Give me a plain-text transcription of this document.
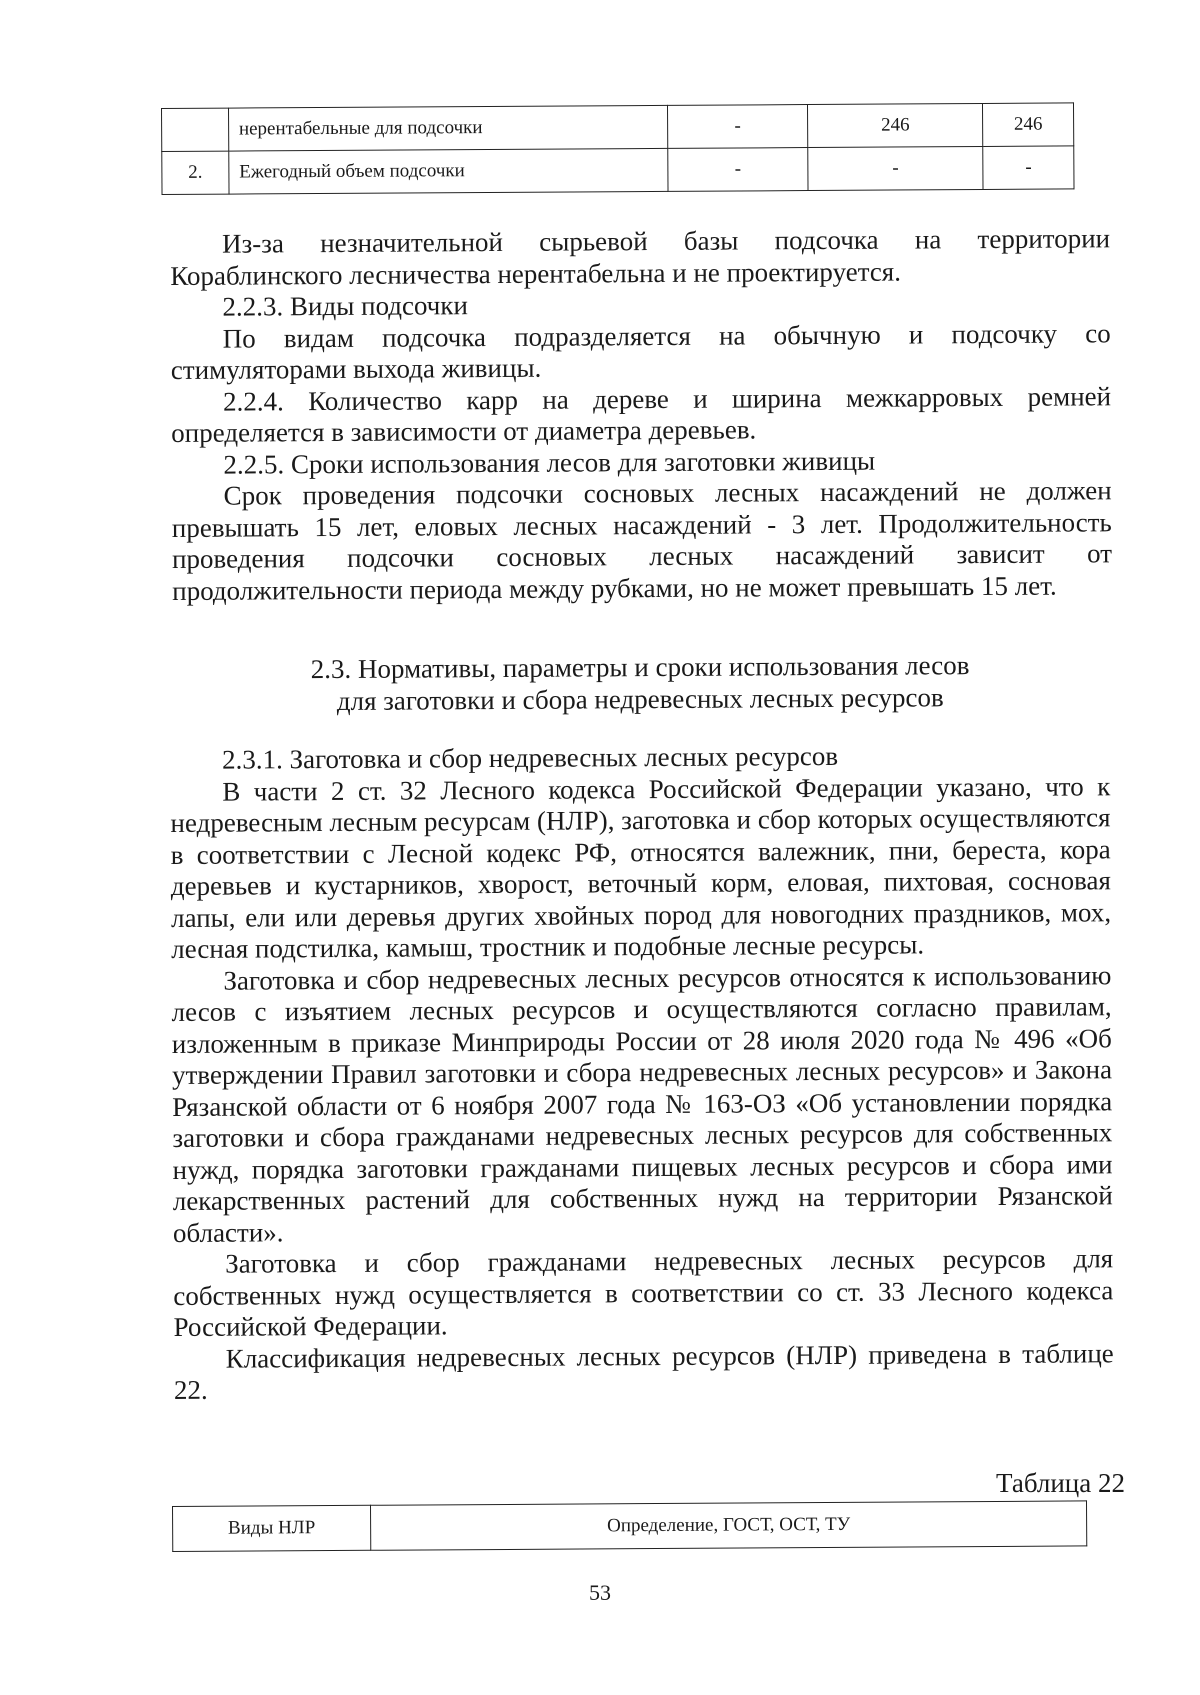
	нерентабельные для подсочки	-	246	246
2.	Ежегодный объем подсочки	-	-	-

Из-за незначительной сырьевой базы подсочка на территории Кораблинского лесничества нерентабельна и не проектируется.

2.2.3. Виды подсочки

По видам подсочка подразделяется на обычную и подсочку со стимуляторами выхода живицы.

2.2.4. Количество карр на дереве и ширина межкарровых ремней определяется в зависимости от диаметра деревьев.

2.2.5. Сроки использования лесов для заготовки живицы

Срок проведения подсочки сосновых лесных насаждений не должен превышать 15 лет, еловых лесных насаждений - 3 лет. Продолжительность проведения подсочки сосновых лесных насаждений зависит от продолжительности периода между рубками, но не может превышать 15 лет.

2.3. Нормативы, параметры и сроки использования лесов

для заготовки и сбора недревесных лесных ресурсов

2.3.1. Заготовка и сбор недревесных лесных ресурсов

В части 2 ст. 32 Лесного кодекса Российской Федерации указано, что к недревесным лесным ресурсам (НЛР), заготовка и сбор которых осуществляются в соответствии с Лесной кодекс РФ, относятся валежник, пни, береста, кора деревьев и кустарников, хворост, веточный корм, еловая, пихтовая, сосновая лапы, ели или деревья других хвойных пород для новогодних праздников, мох, лесная подстилка, камыш, тростник и подобные лесные ресурсы.

Заготовка и сбор недревесных лесных ресурсов относятся к использованию лесов с изъятием лесных ресурсов и осуществляются согласно правилам, изложенным в приказе Минприроды России от 28 июля 2020 года № 496 «Об утверждении Правил заготовки и сбора недревесных лесных ресурсов» и Закона Рязанской области от 6 ноября 2007 года № 163-ОЗ «Об установлении порядка заготовки и сбора гражданами недревесных лесных ресурсов для собственных нужд, порядка заготовки гражданами пищевых лесных ресурсов и сбора ими лекарственных растений для собственных нужд на территории Рязанской области».

Заготовка и сбор гражданами недревесных лесных ресурсов для собственных нужд осуществляется в соответствии со ст. 33 Лесного кодекса Российской Федерации.

Классификация недревесных лесных ресурсов (НЛР) приведена в таблице 22.

Таблица 22
Виды НЛР	Определение, ГОСТ, ОСТ, ТУ
53
